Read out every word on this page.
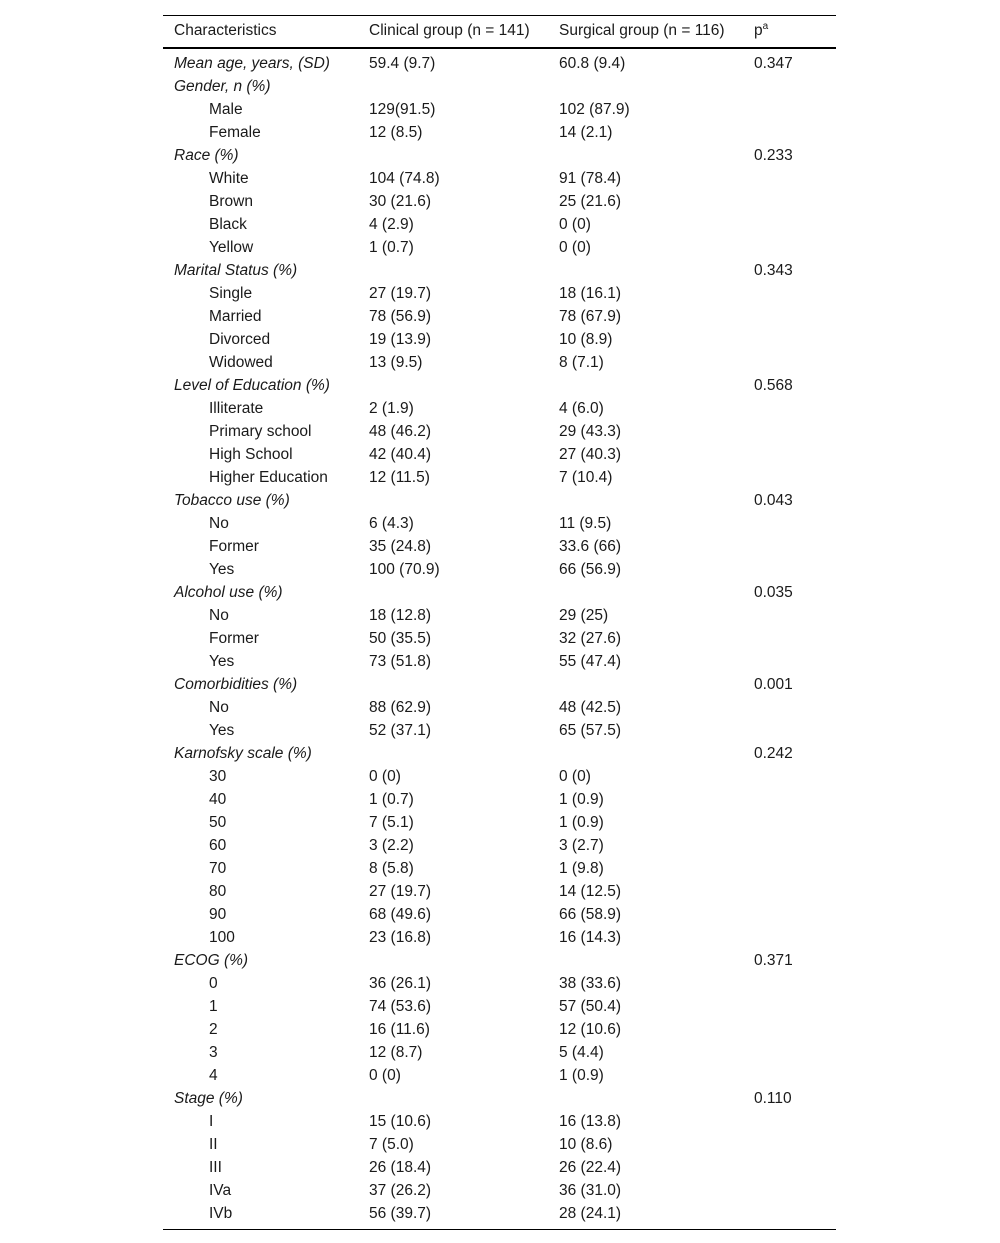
Characteristics	Clinical group (n = 141)	Surgical group (n = 116)	$p^a$
Mean age, years, (SD)	59.4 (9.7)	60.8 (9.4)	0.347
Gender, n (%)			
Male	129(91.5)	102 (87.9)	
Female	12 (8.5)	14 (2.1)	
Race (%)			0.233
White	104 (74.8)	91 (78.4)	
Brown	30 (21.6)	25 (21.6)	
Black	4 (2.9)	0 (0)	
Yellow	1 (0.7)	0 (0)	
Marital Status (%)			0.343
Single	27 (19.7)	18 (16.1)	
Married	78 (56.9)	78 (67.9)	
Divorced	19 (13.9)	10 (8.9)	
Widowed	13 (9.5)	8 (7.1)	
Level of Education (%)			0.568
Illiterate	2 (1.9)	4 (6.0)	
Primary school	48 (46.2)	29 (43.3)	
High School	42 (40.4)	27 (40.3)	
Higher Education	12 (11.5)	7 (10.4)	
Tobacco use (%)			0.043
No	6 (4.3)	11 (9.5)	
Former	35 (24.8)	33.6 (66)	
Yes	100 (70.9)	66 (56.9)	
Alcohol use (%)			0.035
No	18 (12.8)	29 (25)	
Former	50 (35.5)	32 (27.6)	
Yes	73 (51.8)	55 (47.4)	
Comorbidities (%)			0.001
No	88 (62.9)	48 (42.5)	
Yes	52 (37.1)	65 (57.5)	
Karnofsky scale (%)			0.242
30	0 (0)	0 (0)	
40	1 (0.7)	1 (0.9)	
50	7 (5.1)	1 (0.9)	
60	3 (2.2)	3 (2.7)	
70	8 (5.8)	1 (9.8)	
80	27 (19.7)	14 (12.5)	
90	68 (49.6)	66 (58.9)	
100	23 (16.8)	16 (14.3)	
ECOG (%)			0.371
0	36 (26.1)	38 (33.6)	
1	74 (53.6)	57 (50.4)	
2	16 (11.6)	12 (10.6)	
3	12 (8.7)	5 (4.4)	
4	0 (0)	1 (0.9)	
Stage (%)			0.110
I	15 (10.6)	16 (13.8)	
II	7 (5.0)	10 (8.6)	
III	26 (18.4)	26 (22.4)	
IVa	37 (26.2)	36 (31.0)	
IVb	56 (39.7)	28 (24.1)	
